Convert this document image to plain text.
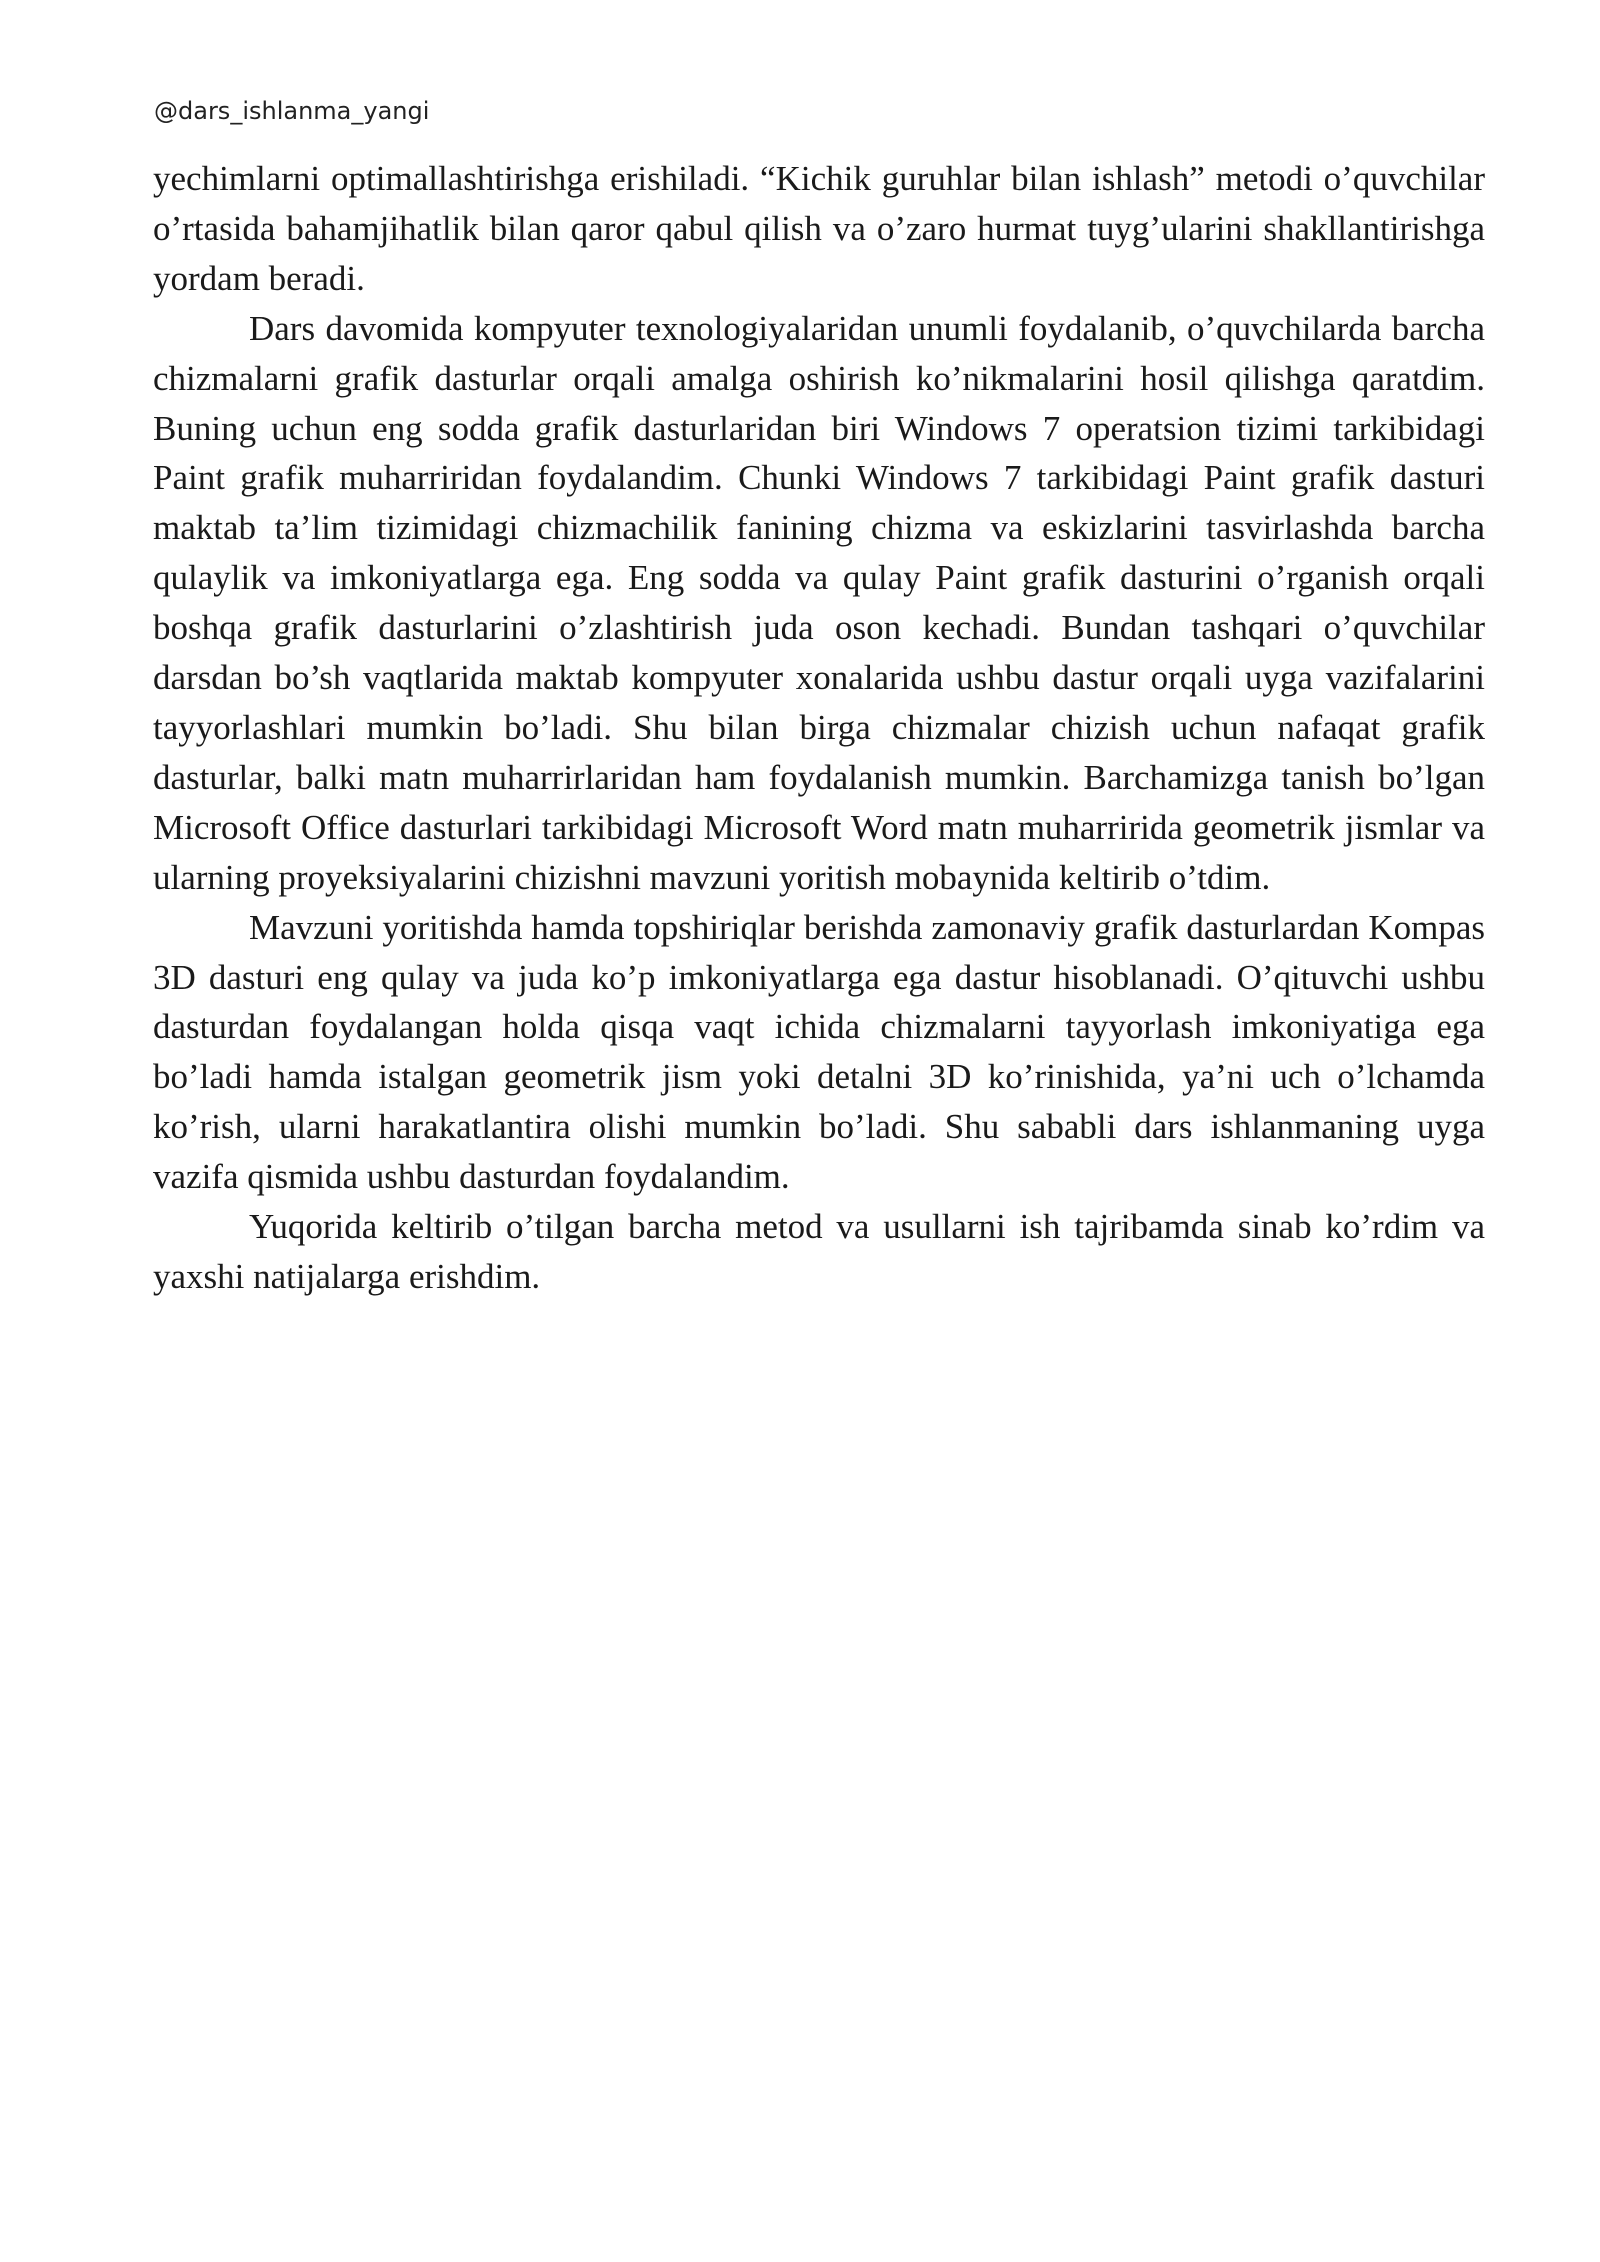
@dars_ishlanma_yangi

yechimlarni optimallashtirishga erishiladi. “Kichik guruhlar bilan ishlash” metodi o’quvchilar o’rtasida bahamjihatlik bilan qaror qabul qilish va o’zaro hurmat tuyg’ularini shakllantirishga yordam beradi.

Dars davomida kompyuter texnologiyalaridan unumli foydalanib, o’quvchilarda barcha chizmalarni grafik dasturlar orqali amalga oshirish ko’nikmalarini hosil qilishga qaratdim. Buning uchun eng sodda grafik dasturlaridan biri Windows 7 operatsion tizimi tarkibidagi Paint grafik muharriridan foydalandim. Chunki Windows 7 tarkibidagi Paint grafik dasturi maktab ta’lim tizimidagi chizmachilik fanining chizma va eskizlarini tasvirlashda barcha qulaylik va imkoniyatlarga ega. Eng sodda va qulay Paint grafik dasturini o’rganish orqali boshqa grafik dasturlarini o’zlashtirish juda oson kechadi. Bundan tashqari o’quvchilar darsdan bo’sh vaqtlarida maktab kompyuter xonalarida ushbu dastur orqali uyga vazifalarini tayyorlashlari mumkin bo’ladi. Shu bilan birga chizmalar chizish uchun nafaqat grafik dasturlar, balki matn muharrirlaridan ham foydalanish mumkin. Barchamizga tanish bo’lgan Microsoft Office dasturlari tarkibidagi Microsoft Word matn muharririda geometrik jismlar va ularning proyeksiyalarini chizishni mavzuni yoritish mobaynida keltirib o’tdim.

Mavzuni yoritishda hamda topshiriqlar berishda zamonaviy grafik dasturlardan Kompas 3D dasturi eng qulay va juda ko’p imkoniyatlarga ega dastur hisoblanadi. O’qituvchi ushbu dasturdan foydalangan holda qisqa vaqt ichida chizmalarni tayyorlash imkoniyatiga ega bo’ladi hamda istalgan geometrik jism yoki detalni 3D ko’rinishida, ya’ni uch o’lchamda ko’rish, ularni harakatlantira olishi mumkin bo’ladi. Shu sababli dars ishlanmaning uyga vazifa qismida ushbu dasturdan foydalandim.

Yuqorida keltirib o’tilgan barcha metod va usullarni ish tajribamda sinab ko’rdim va yaxshi natijalarga erishdim.
